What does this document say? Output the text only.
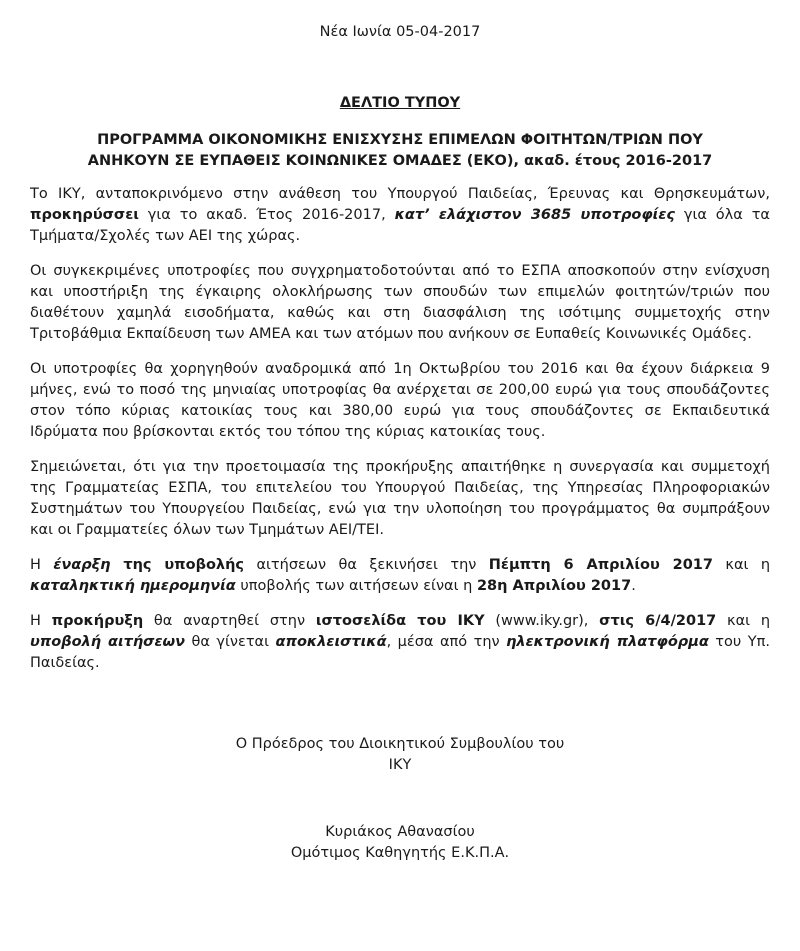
Νέα Ιωνία 05-04-2017

ΔΕΛΤΙΟ ΤΥΠΟΥ

ΠΡΟΓΡΑΜΜΑ ΟΙΚΟΝΟΜΙΚΗΣ ΕΝΙΣΧΥΣΗΣ ΕΠΙΜΕΛΩΝ ΦΟΙΤΗΤΩΝ/ΤΡΙΩΝ ΠΟΥ
ΑΝΗΚΟΥΝ ΣΕ ΕΥΠΑΘΕΙΣ ΚΟΙΝΩΝΙΚΕΣ ΟΜΑΔΕΣ (ΕΚΟ), ακαδ. έτους 2016-2017

Το ΙΚΥ, ανταποκρινόμενο στην ανάθεση του Υπουργού Παιδείας, Έρευνας και Θρησκευμάτων, προκηρύσσει για το ακαδ. Έτος 2016-2017, κατ’ ελάχιστον 3685 υποτροφίες για όλα τα Τμήματα/Σχολές των ΑΕΙ της χώρας.

Οι συγκεκριμένες υποτροφίες που συγχρηματοδοτούνται από το ΕΣΠΑ αποσκοπούν στην ενίσχυση και υποστήριξη της έγκαιρης ολοκλήρωσης των σπουδών των επιμελών φοιτητών/τριών που διαθέτουν χαμηλά εισοδήματα, καθώς και στη διασφάλιση της ισότιμης συμμετοχής στην Τριτοβάθμια Εκπαίδευση των ΑΜΕΑ και των ατόμων που ανήκουν σε Ευπαθείς Κοινωνικές Ομάδες.

Οι υποτροφίες θα χορηγηθούν αναδρομικά από 1η Οκτωβρίου του 2016 και θα έχουν διάρκεια 9 μήνες, ενώ το ποσό της μηνιαίας υποτροφίας θα ανέρχεται σε 200,00 ευρώ για τους σπουδάζοντες στον τόπο κύριας κατοικίας τους και 380,00 ευρώ για τους σπουδάζοντες σε Εκπαιδευτικά Ιδρύματα που βρίσκονται εκτός του τόπου της κύριας κατοικίας τους.

Σημειώνεται, ότι για την προετοιμασία της προκήρυξης απαιτήθηκε η συνεργασία και συμμετοχή της Γραμματείας ΕΣΠΑ, του επιτελείου του Υπουργού Παιδείας, της Υπηρεσίας Πληροφοριακών Συστημάτων του Υπουργείου Παιδείας, ενώ για την υλοποίηση του προγράμματος θα συμπράξουν και οι Γραμματείες όλων των Τμημάτων ΑΕΙ/ΤΕΙ.

Η έναρξη της υποβολής αιτήσεων θα ξεκινήσει την Πέμπτη 6 Απριλίου 2017 και η καταληκτική ημερομηνία υποβολής των αιτήσεων είναι η 28η Απριλίου 2017.

Η προκήρυξη θα αναρτηθεί στην ιστοσελίδα του ΙΚΥ (www.iky.gr), στις 6/4/2017 και η υποβολή αιτήσεων θα γίνεται αποκλειστικά, μέσα από την ηλεκτρονική πλατφόρμα του Υπ. Παιδείας.

Ο Πρόεδρος του Διοικητικού Συμβουλίου του

ΙΚΥ

Κυριάκος Αθανασίου

Ομότιμος Καθηγητής Ε.Κ.Π.Α.
